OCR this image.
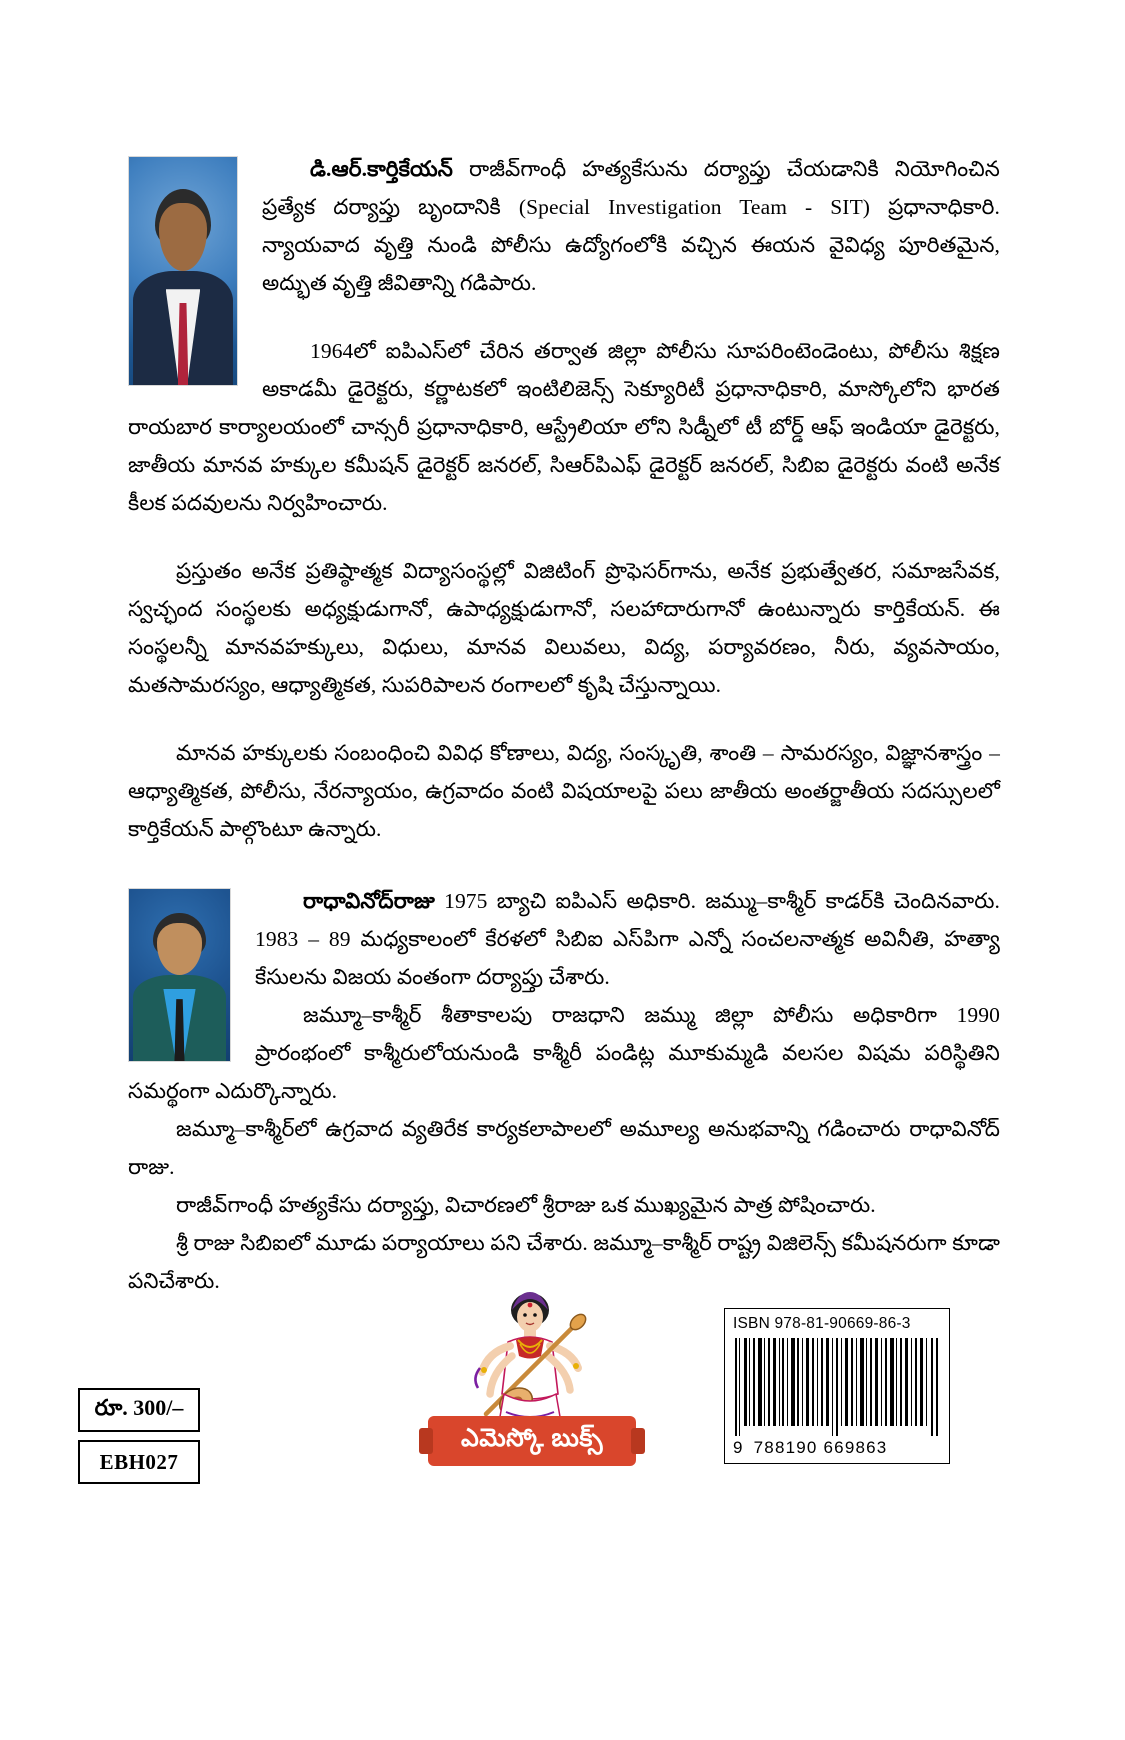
డి.ఆర్.కార్తికేయన్ రాజీవ్‌గాంధీ హత్యకేసును దర్యాప్తు చేయడానికి నియోగించిన ప్రత్యేక దర్యాప్తు బృందానికి (Special Investigation Team - SIT) ప్రధానాధికారి. న్యాయవాద వృత్తి నుండి పోలీసు ఉద్యోగంలోకి వచ్చిన ఈయన వైవిధ్య పూరితమైన, అద్భుత వృత్తి జీవితాన్ని గడిపారు.

1964లో ఐపిఎస్‌లో చేరిన తర్వాత జిల్లా పోలీసు సూపరింటెండెంటు, పోలీసు శిక్షణ అకాడమీ డైరెక్టరు, కర్ణాటకలో ఇంటిలిజెన్స్ సెక్యూరిటీ ప్రధానాధికారి, మాస్కోలోని భారత రాయబార కార్యాలయంలో చాన్సరీ ప్రధానాధికారి, ఆస్ట్రేలియా లోని సిడ్నీలో టీ బోర్డ్ ఆఫ్ ఇండియా డైరెక్టరు, జాతీయ మానవ హక్కుల కమీషన్ డైరెక్టర్ జనరల్, సిఆర్‌పిఎఫ్ డైరెక్టర్ జనరల్, సిబిఐ డైరెక్టరు వంటి అనేక కీలక పదవులను నిర్వహించారు.

ప్రస్తుతం అనేక ప్రతిష్ఠాత్మక విద్యాసంస్థల్లో విజిటింగ్ ప్రొఫెసర్‌గాను, అనేక ప్రభుత్వేతర, సమాజసేవక, స్వచ్ఛంద సంస్థలకు అధ్యక్షుడుగానో, ఉపాధ్యక్షుడుగానో, సలహాదారుగానో ఉంటున్నారు కార్తికేయన్. ఈ సంస్థలన్నీ మానవహక్కులు, విధులు, మానవ విలువలు, విద్య, పర్యావరణం, నీరు, వ్యవసాయం, మతసామరస్యం, ఆధ్యాత్మికత, సుపరిపాలన రంగాలలో కృషి చేస్తున్నాయి.

మానవ హక్కులకు సంబంధించి వివిధ కోణాలు, విద్య, సంస్కృతి, శాంతి – సామరస్యం, విజ్ఞానశాస్త్రం – ఆధ్యాత్మికత, పోలీసు, నేరన్యాయం, ఉగ్రవాదం వంటి విషయాలపై పలు జాతీయ అంతర్జాతీయ సదస్సులలో కార్తికేయన్ పాల్గొంటూ ఉన్నారు.

రాధావినోద్‌రాజు 1975 బ్యాచి ఐపిఎస్ అధికారి. జమ్ము–కాశ్మీర్ కాడర్‌కి చెందినవారు. 1983 – 89 మధ్యకాలంలో కేరళలో సిబిఐ ఎస్‌పిగా ఎన్నో సంచలనాత్మక అవినీతి, హత్యా కేసులను విజయ వంతంగా దర్యాప్తు చేశారు.

జమ్మూ–కాశ్మీర్ శీతాకాలపు రాజధాని జమ్ము జిల్లా పోలీసు అధికారిగా 1990 ప్రారంభంలో కాశ్మీరులోయనుండి కాశ్మీరీ పండిట్ల మూకుమ్మడి వలసల విషమ పరిస్థితిని సమర్థంగా ఎదుర్కొన్నారు.

జమ్మూ–కాశ్మీర్‌లో ఉగ్రవాద వ్యతిరేక కార్యకలాపాలలో అమూల్య అనుభవాన్ని గడించారు రాధావినోద్ రాజు.

రాజీవ్‌గాంధీ హత్యకేసు దర్యాప్తు, విచారణలో శ్రీరాజు ఒక ముఖ్యమైన పాత్ర పోషించారు.

శ్రీ రాజు సిబిఐలో మూడు పర్యాయాలు పని చేశారు. జమ్మూ–కాశ్మీర్ రాష్ట్ర విజిలెన్స్ కమీషనరుగా కూడా పనిచేశారు.

ఎమెస్కో బుక్స్
రూ. 300/–
EBH027
ISBN 978-81-90669-86-3
9 788190 669863
